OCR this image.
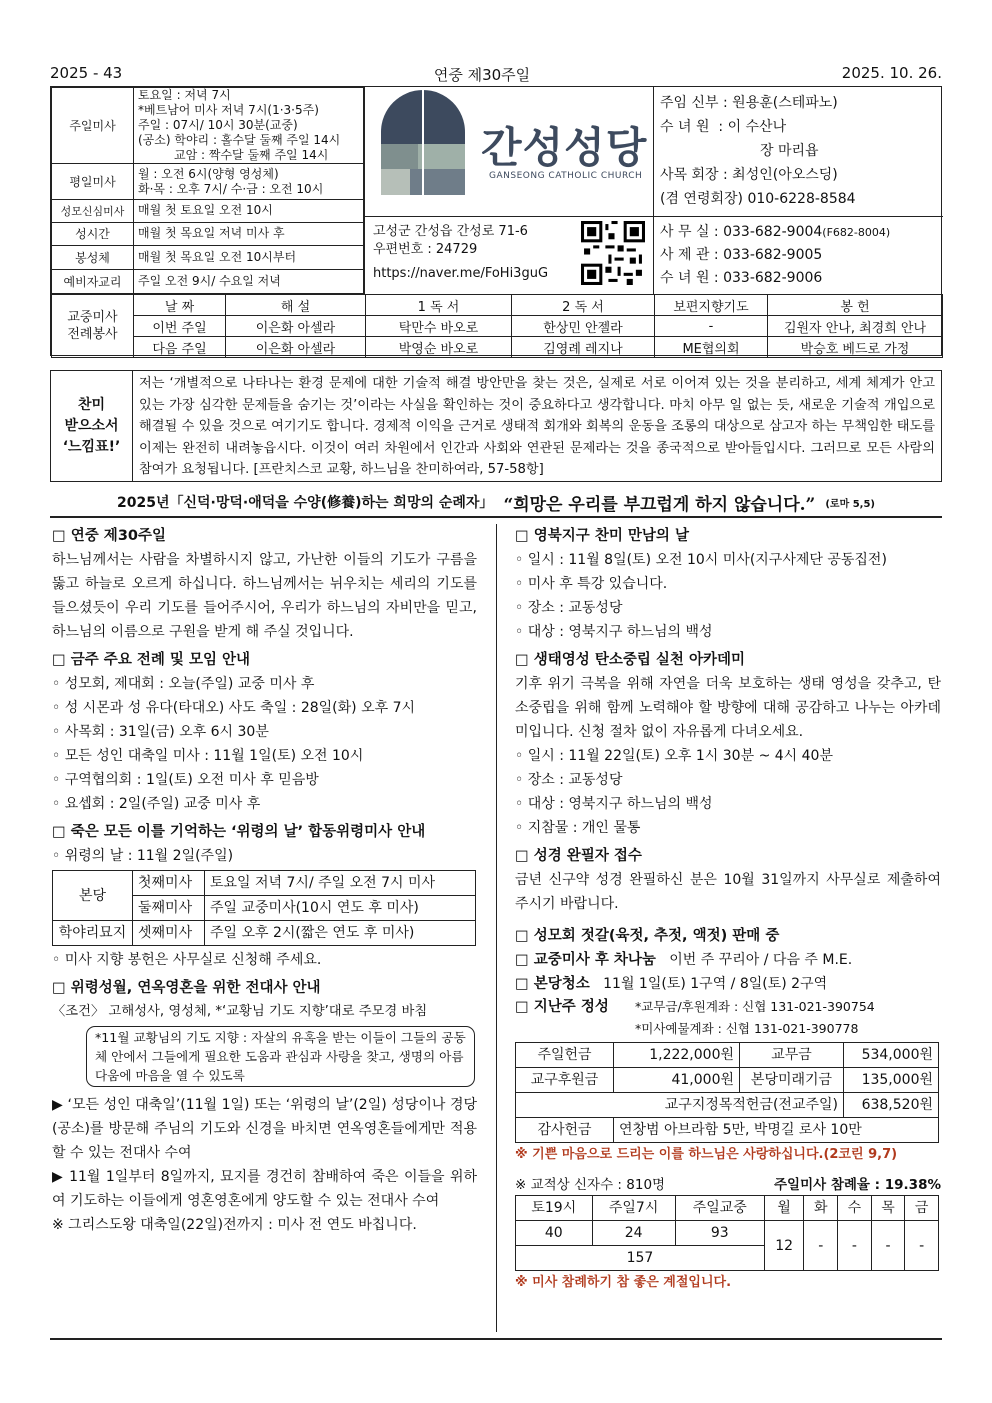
2025 - 43	연중 제30주일	2025. 10. 26.
주일미사	토요일 : 저녁 7시
*베트남어 미사 저녁 7시(1·3·5주)
주일 : 07시/ 10시 30분(교중)
(공소) 학야리 : 홀수달 둘째 주일 14시
교암 : 짝수달 둘째 주일 14시

평일미사	월 : 오전 6시(양형 영성체)
화·목 : 오후 7시/ 수·금 : 오전 10시

성모신심미사	매월 첫 토요일 오전 10시
성시간	매월 첫 목요일 저녁 미사 후
봉성체	매월 첫 목요일 오전 10시부터
예비자교리	주일 오전 9시/ 수요일 저녁
간성성당
GANSEONG CATHOLIC CHURCH
고성군 간성읍 간성로 71-6
우편번호 : 24729
https://naver.me/FoHi3guG
주임 신부 : 원용훈(스테파노)
수 녀 원  : 이 수산나
장 마리욥
사목 회장 : 최성인(아오스딩)
(겸 연령회장) 010-6228-8584
사 무 실 : 033-682-9004(F682-8004)
사 제 관 : 033-682-9005
수 녀 원 : 033-682-9006
교중미사
전례봉사	날 짜	해 설	1 독 서	2 독 서	보편지향기도	봉 헌
	이번 주일	이은화 아셀라	탁만수 바오로	한상민 안젤라	-	김원자 안나, 최경희 안나
	다음 주일	이은화 아셀라	박영순 바오로	김영례 레지나	ME협의회	박승호 베드로 가정
찬미
받으소서
‘느낌표!’
저는 ‘개별적으로 나타나는 환경 문제에 대한 기술적 해결 방안만을 찾는 것은, 실제로 서로 이어져 있는 것을 분리하고, 세계 체계가 안고 있는 가장 심각한 문제들을 숨기는 것’이라는 사실을 확인하는 것이 중요하다고 생각합니다. 마치 아무 일 없는 듯, 새로운 기술적 개입으로 해결될 수 있을 것으로 여기기도 합니다. 경제적 이익을 근거로 생태적 회개와 회복의 운동을 조롱의 대상으로 삼고자 하는 무책임한 태도를 이제는 완전히 내려놓읍시다. 이것이 여러 차원에서 인간과 사회와 연관된 문제라는 것을 종국적으로 받아들입시다. 그러므로 모든 사람의 참여가 요청됩니다. [프란치스코 교황, 하느님을 찬미하여라, 57-58항]
2025년「신덕·망덕·애덕을 수양(修養)하는 희망의 순례자」 “희망은 우리를 부끄럽게 하지 않습니다.” (로마 5,5)
□ 연중 제30주일
하느님께서는 사람을 차별하시지 않고, 가난한 이들의 기도가 구름을 뚫고 하늘로 오르게 하십니다. 하느님께서는 뉘우치는 세리의 기도를 들으셨듯이 우리 기도를 들어주시어, 우리가 하느님의 자비만을 믿고, 하느님의 이름으로 구원을 받게 해 주실 것입니다.
□ 금주 주요 전례 및 모임 안내
◦ 성모회, 제대회 : 오늘(주일) 교중 미사 후
◦ 성 시몬과 성 유다(타대오) 사도 축일 : 28일(화) 오후 7시
◦ 사목회 : 31일(금) 오후 6시 30분
◦ 모든 성인 대축일 미사 : 11월 1일(토) 오전 10시
◦ 구역협의회 : 1일(토) 오전 미사 후 믿음방
◦ 요셉회 : 2일(주일) 교중 미사 후
□ 죽은 모든 이를 기억하는 ‘위령의 날’ 합동위령미사 안내
◦ 위령의 날 : 11월 2일(주일)
본당	첫째미사	토요일 저녁 7시/ 주일 오전 7시 미사
	둘째미사	주일 교중미사(10시 연도 후 미사)
학야리묘지	셋째미사	주일 오후 2시(짧은 연도 후 미사)
◦ 미사 지향 봉헌은 사무실로 신청해 주세요.
□ 위령성월, 연옥영혼을 위한 전대사 안내
〈조건〉 고해성사, 영성체, *‘교황님 기도 지향’대로 주모경 바침
*11월 교황님의 기도 지향 : 자살의 유혹을 받는 이들이 그들의 공동체 안에서 그들에게 필요한 도움과 관심과 사랑을 찾고, 생명의 아름다움에 마음을 열 수 있도록
▶ ‘모든 성인 대축일’(11월 1일) 또는 ‘위령의 날’(2일) 성당이나 경당(공소)를 방문해 주님의 기도와 신경을 바치면 연옥영혼들에게만 적용할 수 있는 전대사 수여
▶ 11월 1일부터 8일까지, 묘지를 경건히 참배하여 죽은 이들을 위하여 기도하는 이들에게 영혼영혼에게 양도할 수 있는 전대사 수여
※ 그리스도왕 대축일(22일)전까지 : 미사 전 연도 바칩니다.
□ 영북지구 찬미 만남의 날
◦ 일시 : 11월 8일(토) 오전 10시 미사(지구사제단 공동집전)
◦ 미사 후 특강 있습니다.
◦ 장소 : 교동성당
◦ 대상 : 영북지구 하느님의 백성
□ 생태영성 탄소중립 실천 아카데미
기후 위기 극복을 위해 자연을 더욱 보호하는 생태 영성을 갖추고, 탄소중립을 위해 함께 노력해야 할 방향에 대해 공감하고 나누는 아카데미입니다. 신청 절차 없이 자유롭게 다녀오세요.
◦ 일시 : 11월 22일(토) 오후 1시 30분 ~ 4시 40분
◦ 장소 : 교동성당
◦ 대상 : 영북지구 하느님의 백성
◦ 지참물 : 개인 물통
□ 성경 완필자 접수
금년 신구약 성경 완필하신 분은 10월 31일까지 사무실로 제출하여 주시기 바랍니다.
□ 성모회 젓갈(육젓, 추젓, 액젓) 판매 중
□ 교중미사 후 차나눔 이번 주 꾸리아 / 다음 주 M.E.
□ 본당청소 11월 1일(토) 1구역 / 8일(토) 2구역
□ 지난주 정성	*교무금/후원계좌 : 신협 131-021-390754
*미사예물계좌 : 신협 131-021-390778
주일헌금	1,222,000원	교무금	534,000원
교구후원금	41,000원	본당미래기금	135,000원
교구지정목적헌금(전교주일)			638,520원
감사헌금	연창범 아브라함 5만, 박명길 로사 10만		
※ 기쁜 마음으로 드리는 이를 하느님은 사랑하십니다.(2코린 9,7)
※ 교적상 신자수 : 810명	주일미사 참례율 : 19.38%
토19시	주일7시	주일교중	월	화	수	목	금
40	24	93	12	-	-	-	-
157							
※ 미사 참례하기 참 좋은 계절입니다.
